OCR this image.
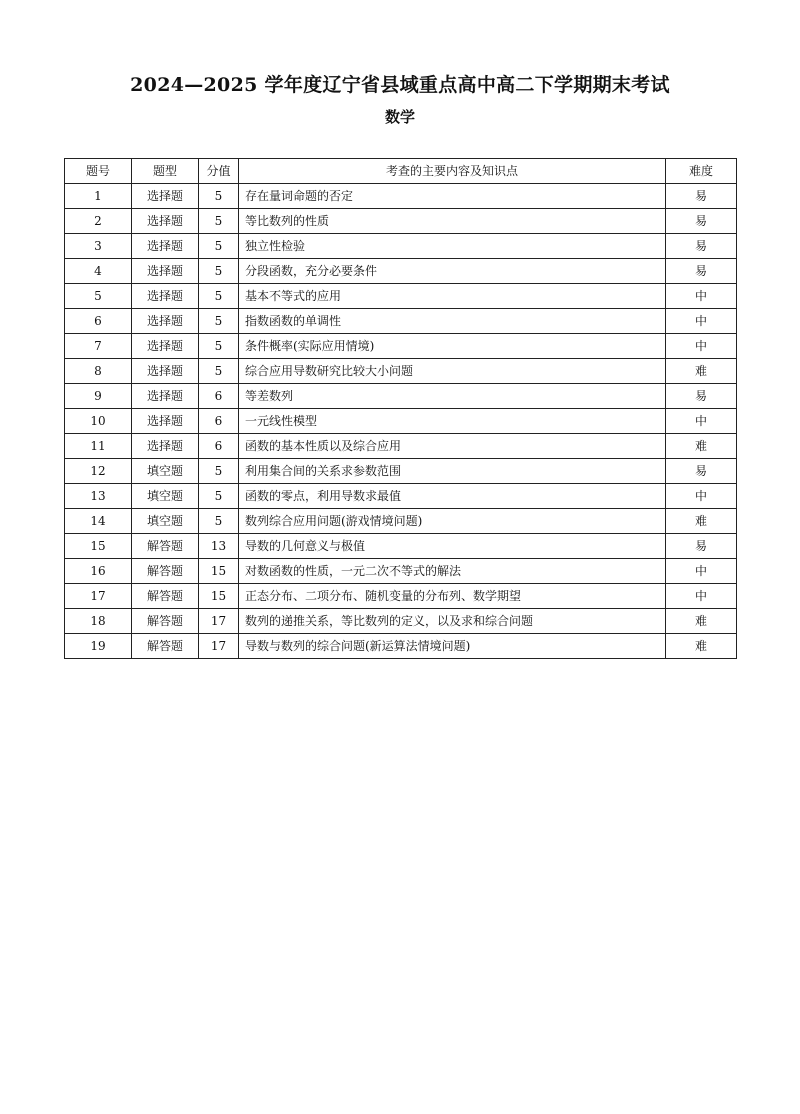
2024—2025 学年度辽宁省县域重点高中高二下学期期末考试
数学
题号	题型	分值	考查的主要内容及知识点	难度
1	选择题	5	存在量词命题的否定	易
2	选择题	5	等比数列的性质	易
3	选择题	5	独立性检验	易
4	选择题	5	分段函数，充分必要条件	易
5	选择题	5	基本不等式的应用	中
6	选择题	5	指数函数的单调性	中
7	选择题	5	条件概率(实际应用情境)	中
8	选择题	5	综合应用导数研究比较大小问题	难
9	选择题	6	等差数列	易
10	选择题	6	一元线性模型	中
11	选择题	6	函数的基本性质以及综合应用	难
12	填空题	5	利用集合间的关系求参数范围	易
13	填空题	5	函数的零点，利用导数求最值	中
14	填空题	5	数列综合应用问题(游戏情境问题)	难
15	解答题	13	导数的几何意义与极值	易
16	解答题	15	对数函数的性质，一元二次不等式的解法	中
17	解答题	15	正态分布、二项分布、随机变量的分布列、数学期望	中
18	解答题	17	数列的递推关系，等比数列的定义，以及求和综合问题	难
19	解答题	17	导数与数列的综合问题(新运算法情境问题)	难
